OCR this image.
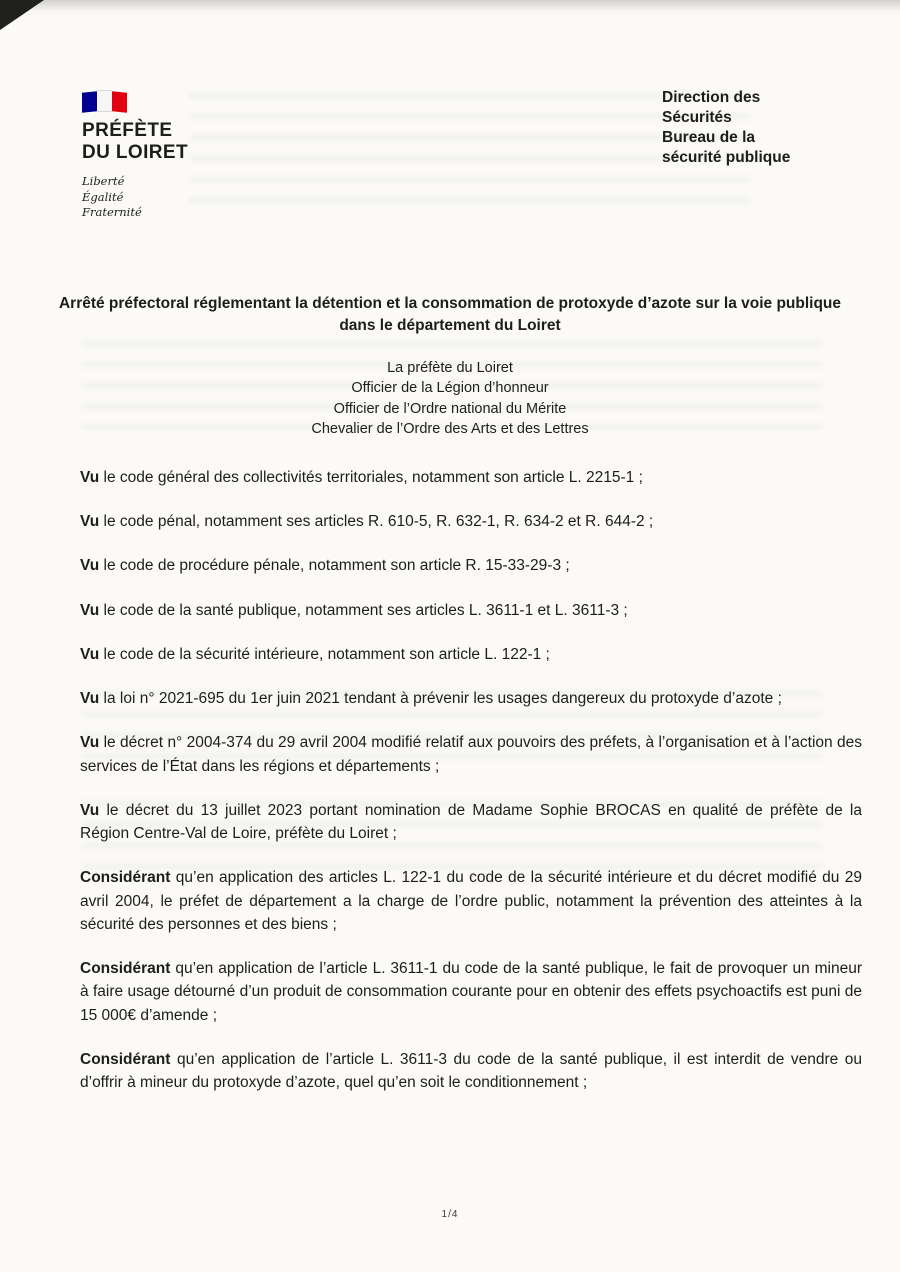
PRÉFÈTE
DU LOIRET
Liberté
Égalité
Fraternité
Direction des
Sécurités
Bureau de la
sécurité publique
Arrêté préfectoral réglementant la détention et la consommation de protoxyde d’azote sur la voie publique dans le département du Loiret
La préfète du Loiret
Officier de la Légion d’honneur
Officier de l’Ordre national du Mérite
Chevalier de l’Ordre des Arts et des Lettres

Vu le code général des collectivités territoriales, notamment son article L. 2215-1 ;

Vu le code pénal, notamment ses articles R. 610-5, R. 632-1, R. 634-2 et R. 644-2 ;

Vu le code de procédure pénale, notamment son article R. 15-33-29-3 ;

Vu le code de la santé publique, notamment ses articles L. 3611-1 et L. 3611-3 ;

Vu le code de la sécurité intérieure, notamment son article L. 122-1 ;

Vu la loi n° 2021-695 du 1er juin 2021 tendant à prévenir les usages dangereux du protoxyde d’azote ;

Vu le décret n° 2004-374 du 29 avril 2004 modifié relatif aux pouvoirs des préfets, à l’organisation et à l’action des services de l’État dans les régions et départements ;

Vu le décret du 13 juillet 2023 portant nomination de Madame Sophie BROCAS en qualité de préfète de la Région Centre-Val de Loire, préfète du Loiret ;

Considérant qu’en application des articles L. 122-1 du code de la sécurité intérieure et du décret modifié du 29 avril 2004, le préfet de département a la charge de l’ordre public, notamment la prévention des atteintes à la sécurité des personnes et des biens ;

Considérant qu’en application de l’article L. 3611-1 du code de la santé publique, le fait de provoquer un mineur à faire usage détourné d’un produit de consommation courante pour en obtenir des effets psychoactifs est puni de 15 000€ d’amende ;

Considérant qu’en application de l’article L. 3611-3 du code de la santé publique, il est interdit de vendre ou d’offrir à mineur du protoxyde d’azote, quel qu’en soit le conditionnement ;

1/4
